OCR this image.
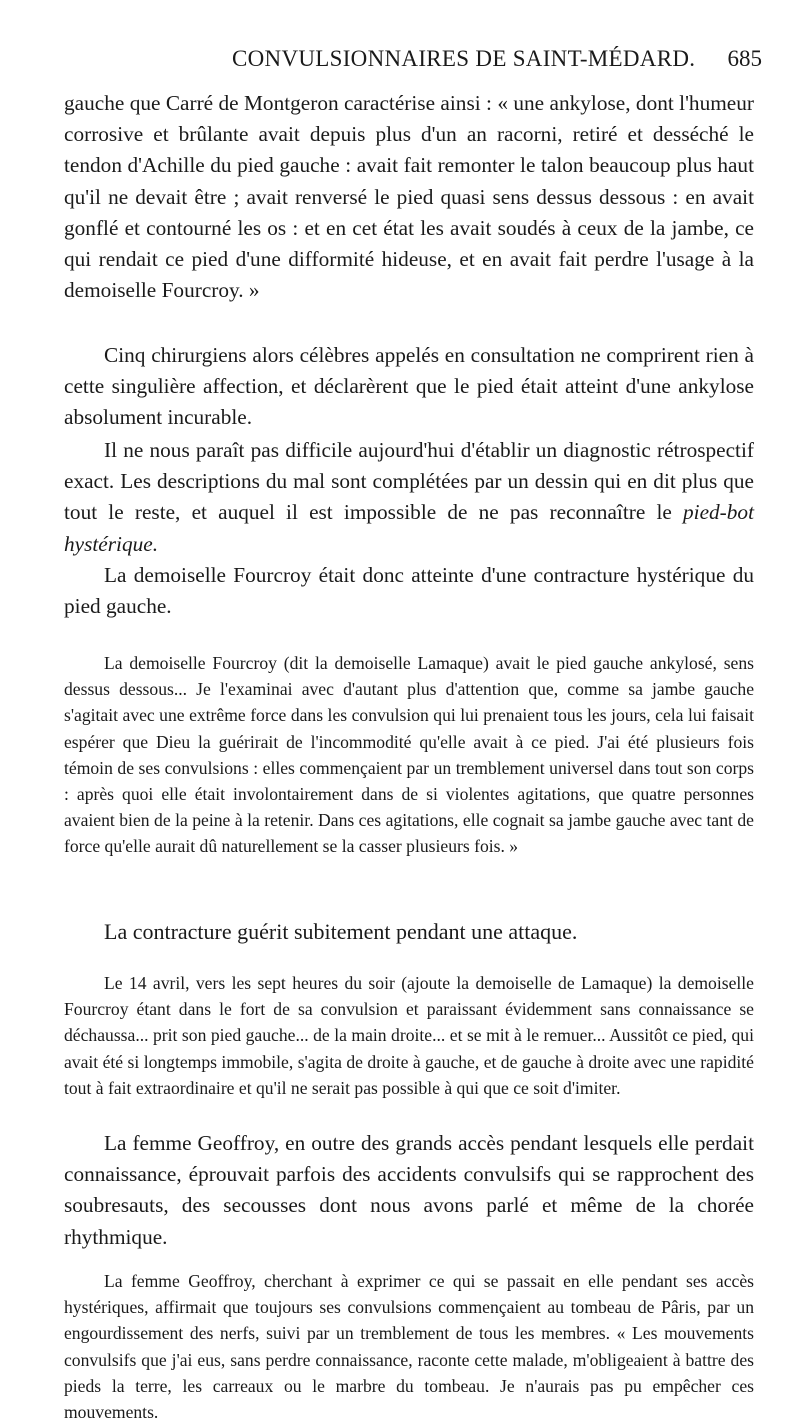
CONVULSIONNAIRES DE SAINT-MÉDARD. 685

gauche que Carré de Montgeron caractérise ainsi : « une ankylose, dont l'humeur corrosive et brûlante avait depuis plus d'un an racorni, retiré et desséché le tendon d'Achille du pied gauche : avait fait remonter le talon beaucoup plus haut qu'il ne devait être ; avait renversé le pied quasi sens dessus dessous : en avait gonflé et contourné les os : et en cet état les avait soudés à ceux de la jambe, ce qui rendait ce pied d'une difformité hideuse, et en avait fait perdre l'usage à la demoiselle Fourcroy. »

Cinq chirurgiens alors célèbres appelés en consultation ne comprirent rien à cette singulière affection, et déclarèrent que le pied était atteint d'une ankylose absolument incurable.

Il ne nous paraît pas difficile aujourd'hui d'établir un diagnostic rétrospectif exact. Les descriptions du mal sont complétées par un dessin qui en dit plus que tout le reste, et auquel il est impossible de ne pas reconnaître le pied-bot hystérique.

La demoiselle Fourcroy était donc atteinte d'une contracture hystérique du pied gauche.

La demoiselle Fourcroy (dit la demoiselle Lamaque) avait le pied gauche ankylosé, sens dessus dessous... Je l'examinai avec d'autant plus d'attention que, comme sa jambe gauche s'agitait avec une extrême force dans les convulsion qui lui prenaient tous les jours, cela lui faisait espérer que Dieu la guérirait de l'incommodité qu'elle avait à ce pied. J'ai été plusieurs fois témoin de ses convulsions : elles commençaient par un tremblement universel dans tout son corps : après quoi elle était involontairement dans de si violentes agitations, que quatre personnes avaient bien de la peine à la retenir. Dans ces agitations, elle cognait sa jambe gauche avec tant de force qu'elle aurait dû naturellement se la casser plusieurs fois. »

La contracture guérit subitement pendant une attaque.

Le 14 avril, vers les sept heures du soir (ajoute la demoiselle de Lamaque) la demoiselle Fourcroy étant dans le fort de sa convulsion et paraissant évidemment sans connaissance se déchaussa... prit son pied gauche... de la main droite... et se mit à le remuer... Aussitôt ce pied, qui avait été si longtemps immobile, s'agita de droite à gauche, et de gauche à droite avec une rapidité tout à fait extraordinaire et qu'il ne serait pas possible à qui que ce soit d'imiter.

La femme Geoffroy, en outre des grands accès pendant lesquels elle perdait connaissance, éprouvait parfois des accidents convulsifs qui se rapprochent des soubresauts, des secousses dont nous avons parlé et même de la chorée rhythmique.

La femme Geoffroy, cherchant à exprimer ce qui se passait en elle pendant ses accès hystériques, affirmait que toujours ses convulsions commençaient au tombeau de Pâris, par un engourdissement des nerfs, suivi par un tremblement de tous les membres. « Les mouvements convulsifs que j'ai eus, sans perdre connaissance, raconte cette malade, m'obligeaient à battre des pieds la terre, les carreaux ou le marbre du tombeau. Je n'aurais pas pu empêcher ces mouvements.
